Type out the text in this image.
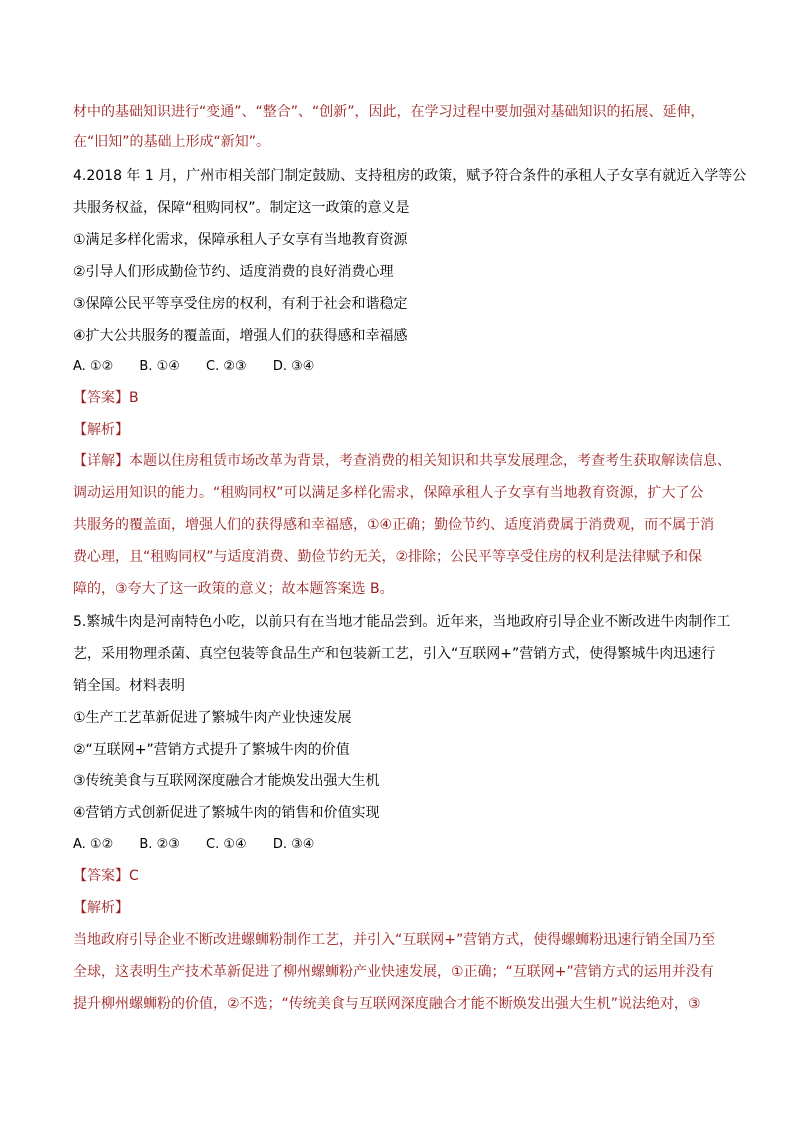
材中的基础知识进行“变通”、“整合”、“创新”，因此，在学习过程中要加强对基础知识的拓展、延伸，
在“旧知”的基础上形成“新知”。
4.2018 年 1 月，广州市相关部门制定鼓励、支持租房的政策，赋予符合条件的承租人子女享有就近入学等公
共服务权益，保障“租购同权”。制定这一政策的意义是
①满足多样化需求，保障承租人子女享有当地教育资源
②引导人们形成勤俭节约、适度消费的良好消费心理
③保障公民平等享受住房的权利，有利于社会和谐稳定
④扩大公共服务的覆盖面，增强人们的获得感和幸福感
A. ①② B. ①④ C. ②③ D. ③④
【答案】B
【解析】
【详解】本题以住房租赁市场改革为背景，考查消费的相关知识和共享发展理念，考查考生获取解读信息、
调动运用知识的能力。“租购同权”可以满足多样化需求，保障承租人子女享有当地教育资源，扩大了公
共服务的覆盖面，增强人们的获得感和幸福感，①④正确；勤俭节约、适度消费属于消费观，而不属于消
费心理，且“租购同权”与适度消费、勤俭节约无关，②排除；公民平等享受住房的权利是法律赋予和保
障的，③夸大了这一政策的意义；故本题答案选 B。
5.繁城牛肉是河南特色小吃，以前只有在当地才能品尝到。近年来，当地政府引导企业不断改进牛肉制作工
艺，采用物理杀菌、真空包装等食品生产和包装新工艺，引入“互联网+”营销方式，使得繁城牛肉迅速行
销全国。材料表明
①生产工艺革新促进了繁城牛肉产业快速发展
②“互联网+”营销方式提升了繁城牛肉的价值
③传统美食与互联网深度融合才能焕发出强大生机
④营销方式创新促进了繁城牛肉的销售和价值实现
A. ①② B. ②③ C. ①④ D. ③④
【答案】C
【解析】
当地政府引导企业不断改进螺蛳粉制作工艺，并引入“互联网+”营销方式，使得螺蛳粉迅速行销全国乃至
全球，这表明生产技术革新促进了柳州螺蛳粉产业快速发展，①正确；“互联网+”营销方式的运用并没有
提升柳州螺蛳粉的价值，②不选；“传统美食与互联网深度融合才能不断焕发出强大生机”说法绝对，③
